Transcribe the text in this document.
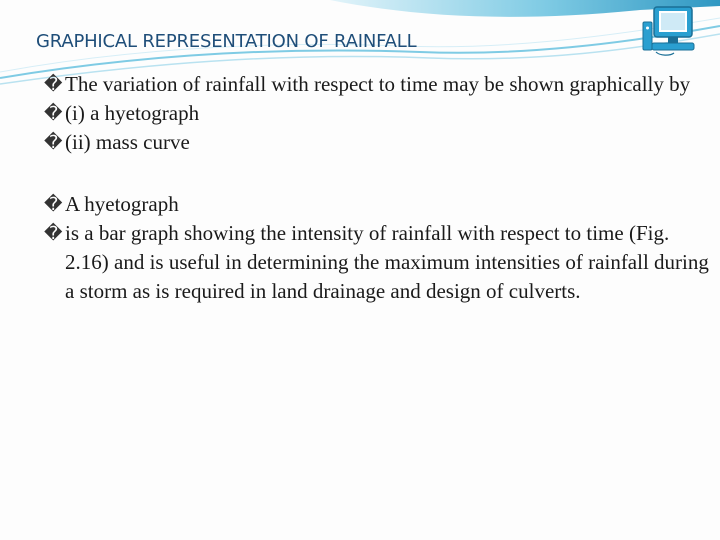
GRAPHICAL REPRESENTATION OF RAINFALL
� The variation of rainfall with respect to time may be shown graphically by
� (i) a hyetograph
� (ii) mass curve
� A hyetograph
� is a bar graph showing the intensity of rainfall with respect to time (Fig. 2.16) and is useful in determining the maximum intensities of rainfall during a storm as is required in land drainage and design of culverts.
